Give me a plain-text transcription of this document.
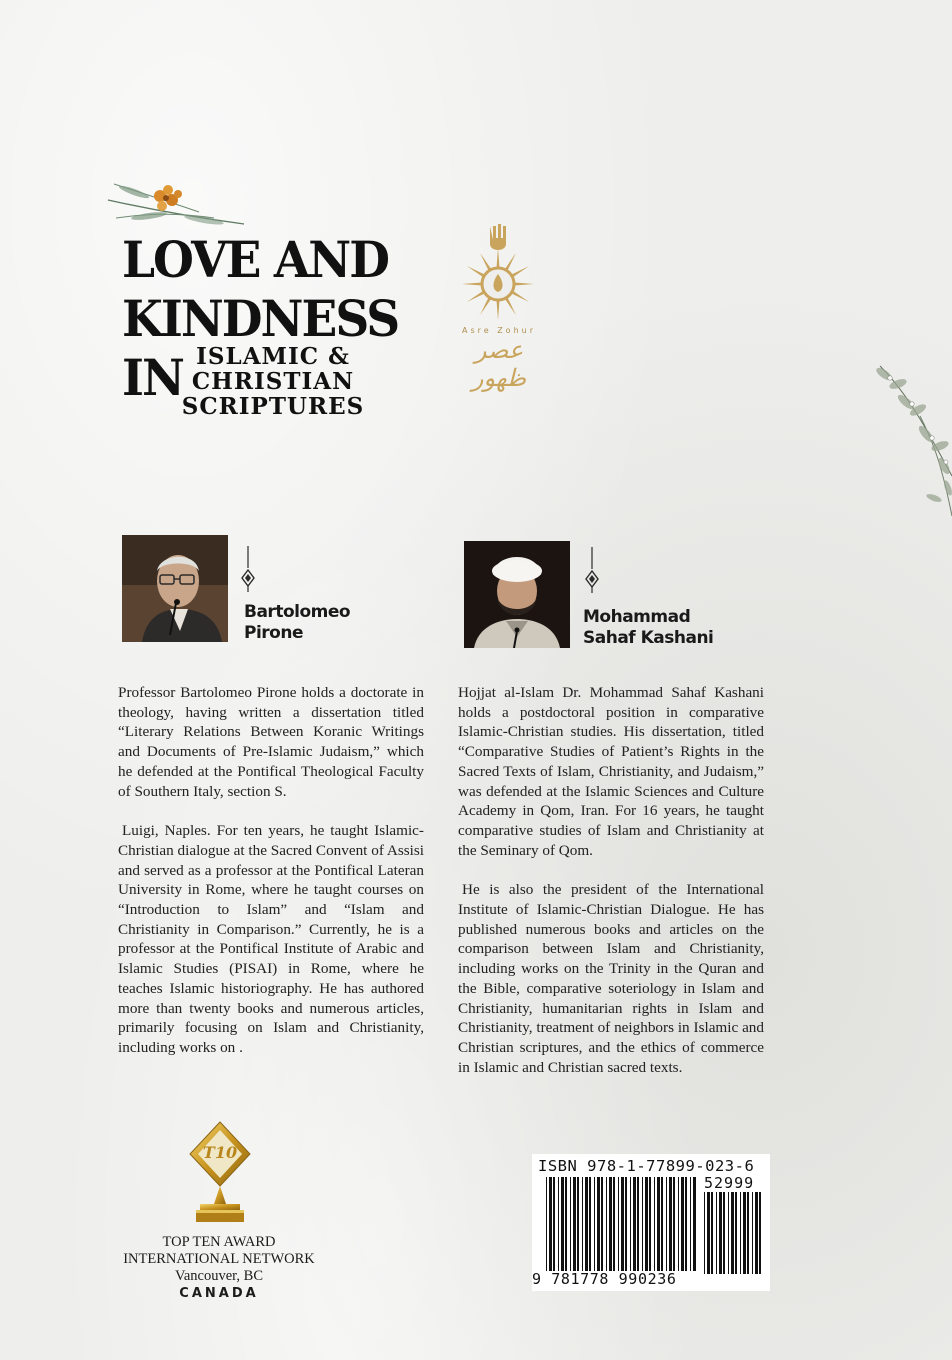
LOVE AND
KINDNESS IN ISLAMIC & CHRISTIAN
SCRIPTURES
Asre Zohur
عصر ظهور
Bartolomeo
Pirone
Mohammad
Sahaf Kashani

Professor Bartolomeo Pirone holds a doctorate in theology, having written a dissertation titled “Literary Relations Between Koranic Writings and Documents of Pre-Islamic Judaism,” which he defended at the Pontifical Theological Faculty of Southern Italy, section S.

Luigi, Naples. For ten years, he taught Islamic-Christian dialogue at the Sacred Convent of Assisi and served as a professor at the Pontifical Lateran University in Rome, where he taught courses on “Introduction to Islam” and “Islam and Christianity in Comparison.” Currently, he is a professor at the Pontifical Institute of Arabic and Islamic Studies (PISAI) in Rome, where he teaches Islamic historiography. He has authored more than twenty books and numerous articles, primarily focusing on Islam and Christianity, including works on .

Hojjat al-Islam Dr. Mohammad Sahaf Kashani holds a postdoctoral position in comparative Islamic-Christian studies. His dissertation, titled “Comparative Studies of Patient’s Rights in the Sacred Texts of Islam, Christianity, and Judaism,” was defended at the Islamic Sciences and Culture Academy in Qom, Iran. For 16 years, he taught comparative studies of Islam and Christianity at the Seminary of Qom.

He is also the president of the International Institute of Islamic-Christian Dialogue. He has published numerous books and articles on the comparison between Islam and Christianity, including works on the Trinity in the Quran and the Bible, comparative soteriology in Islam and Christianity, humanitarian rights in Islam and Christianity, treatment of neighbors in Islamic and Christian scriptures, and the ethics of commerce in Islamic and Christian sacred texts.

T10
TOP TEN AWARD
INTERNATIONAL NETWORK
Vancouver, BC
CANADA
ISBN 978-1-77899-023-6
52999
9 781778 990236
